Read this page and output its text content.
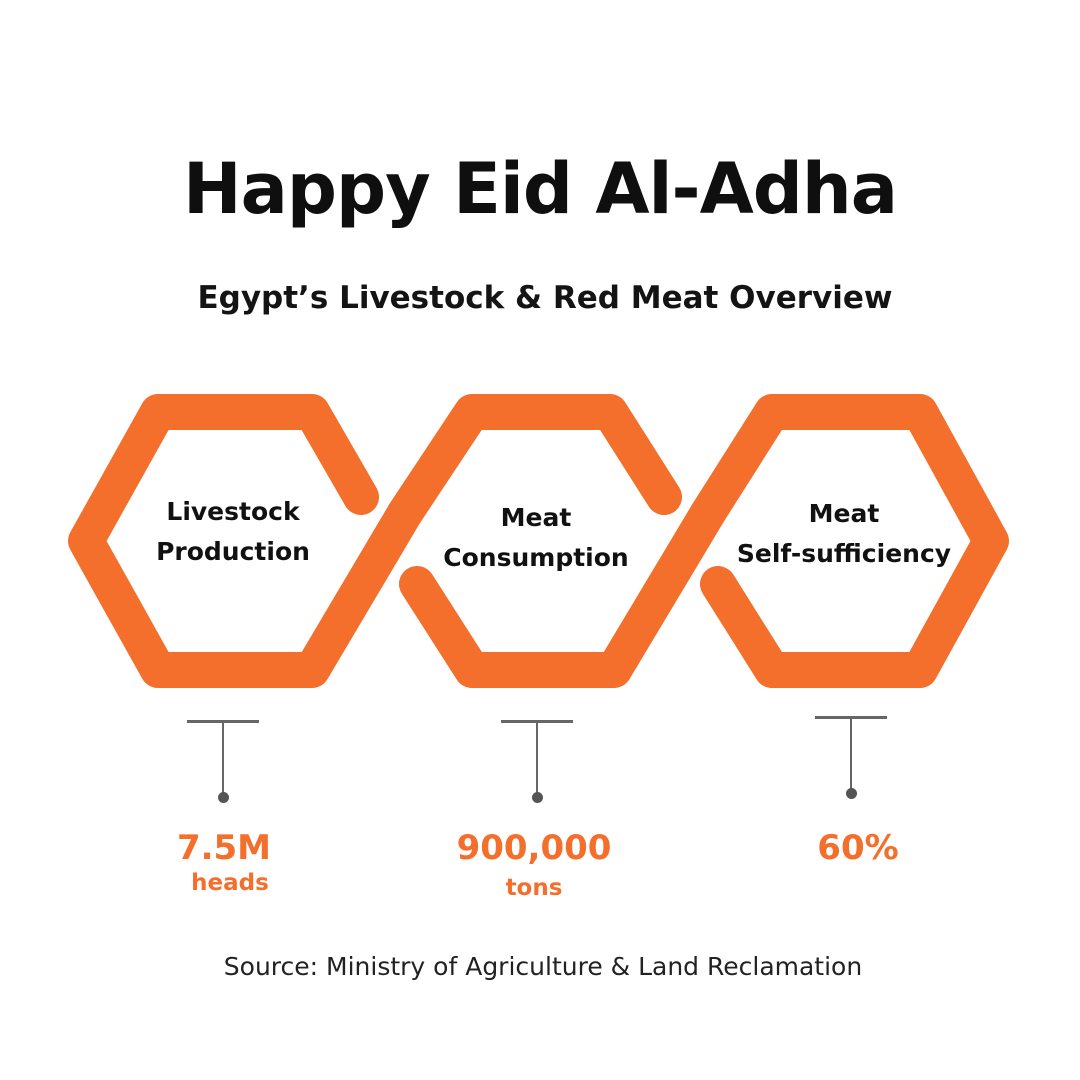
Happy Eid Al-Adha
Egypt’s Livestock & Red Meat Overview
Livestock
Production
Meat
Consumption
Meat
Self-sufficiency
7.5M
heads
900,000
tons
60%
Source: Ministry of Agriculture & Land Reclamation
